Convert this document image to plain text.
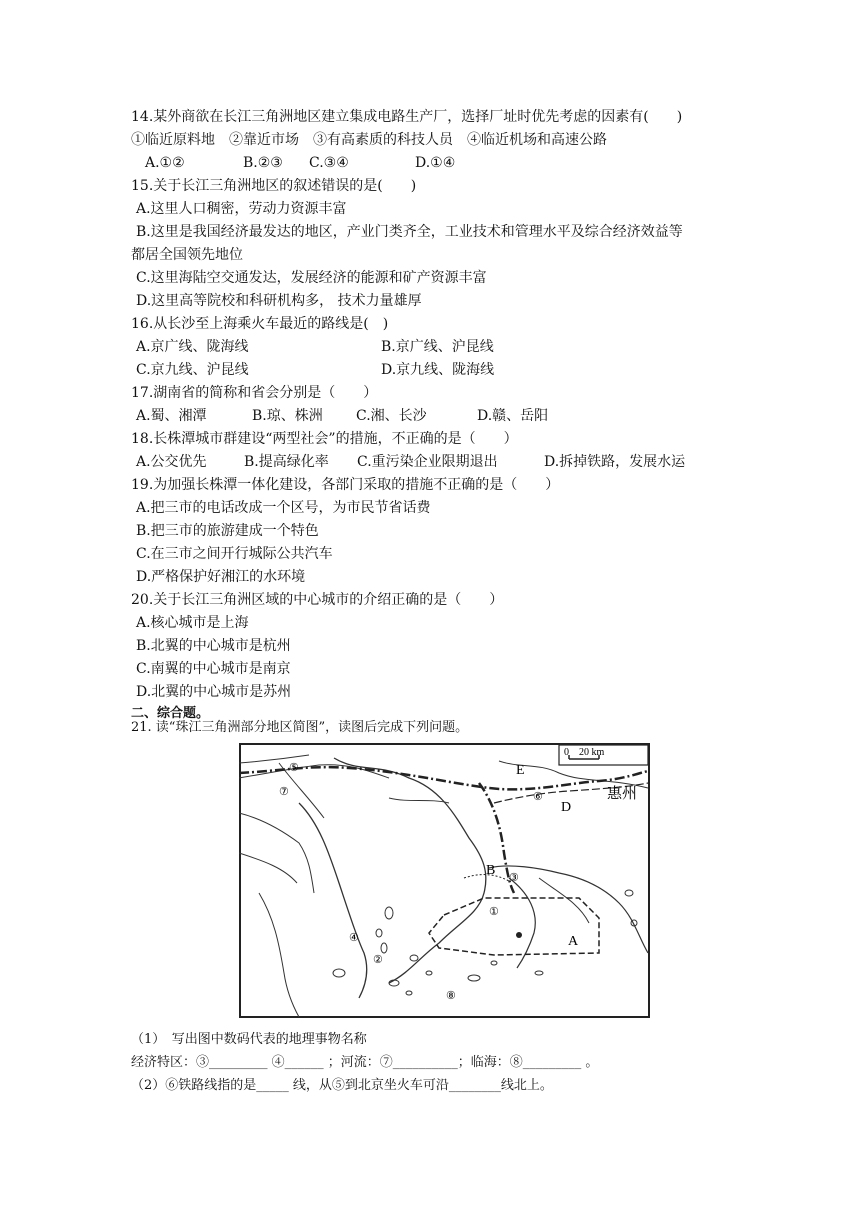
14.某外商欲在长江三角洲地区建立集成电路生产厂，选择厂址时优先考虑的因素有(　　)
①临近原料地　②靠近市场　③有高素质的科技人员　④临近机场和高速公路
A.①②	B.②③ C.③④	D.①④
15.关于长江三角洲地区的叙述错误的是(　　)
A.这里人口稠密，劳动力资源丰富
B.这里是我国经济最发达的地区，产业门类齐全，工业技术和管理水平及综合经济效益等
都居全国领先地位
C.这里海陆空交通发达，发展经济的能源和矿产资源丰富
D.这里高等院校和科研机构多， 技术力量雄厚
16.从长沙至上海乘火车最近的路线是(　)
A.京广线、陇海线	B.京广线、沪昆线
C.京九线、沪昆线	D.京九线、陇海线
17.湖南省的简称和省会分别是（　　）
A.蜀、湘潭	B.琼、株洲 C.湘、长沙	D.赣、岳阳
18.长株潭城市群建设“两型社会”的措施，不正确的是（　　）
A.公交优先	B.提高绿化率 C.重污染企业限期退出	D.拆掉铁路，发展水运
19.为加强长株潭一体化建设，各部门采取的措施不正确的是（　　）
A.把三市的电话改成一个区号，为市民节省话费
B.把三市的旅游建成一个特色
C.在三市之间开行城际公共汽车
D.严格保护好湘江的水环境
20.关于长江三角洲区域的中心城市的介绍正确的是（　　）
A.核心城市是上海
B.北翼的中心城市是杭州
C.南翼的中心城市是南京
D.北翼的中心城市是苏州
二、综合题。
21. 读“珠江三角洲部分地区简图”，读图后完成下列问题。
0　20 km
E
D
B
A
惠州
⑤
⑦	⑥
③
①
④
②
⑧
（1）　写出图中数码代表的地理事物名称
经济特区：③_________ ④______ ；河流：⑦__________；临海：⑧_________ 。
（2）⑥铁路线指的是_____ 线，从⑤到北京坐火车可沿________线北上。
